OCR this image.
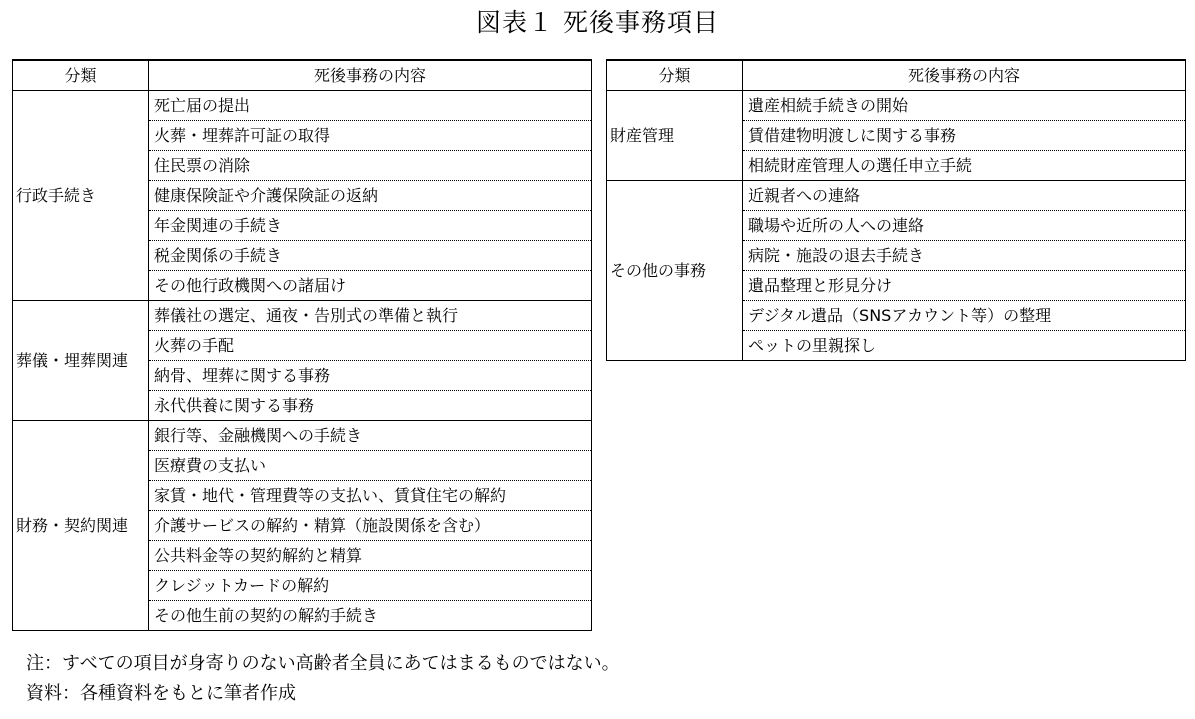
図表１ 死後事務項目
分類	死後事務の内容
行政手続き	死亡届の提出
	火葬・埋葬許可証の取得
	住民票の消除
	健康保険証や介護保険証の返納
	年金関連の手続き
	税金関係の手続き
	その他行政機関への諸届け
葬儀・埋葬関連	葬儀社の選定、通夜・告別式の準備と執行
	火葬の手配
	納骨、埋葬に関する事務
	永代供養に関する事務
財務・契約関連	銀行等、金融機関への手続き
	医療費の支払い
	家賃・地代・管理費等の支払い、賃貸住宅の解約
	介護サービスの解約・精算（施設関係を含む）
	公共料金等の契約解約と精算
	クレジットカードの解約
	その他生前の契約の解約手続き
分類	死後事務の内容
財産管理	遺産相続手続きの開始
	賃借建物明渡しに関する事務
	相続財産管理人の選任申立手続
その他の事務	近親者への連絡
	職場や近所の人への連絡
	病院・施設の退去手続き
	遺品整理と形見分け
	デジタル遺品（SNSアカウント等）の整理
	ペットの里親探し
注：すべての項目が身寄りのない高齢者全員にあてはまるものではない。
資料：各種資料をもとに筆者作成
